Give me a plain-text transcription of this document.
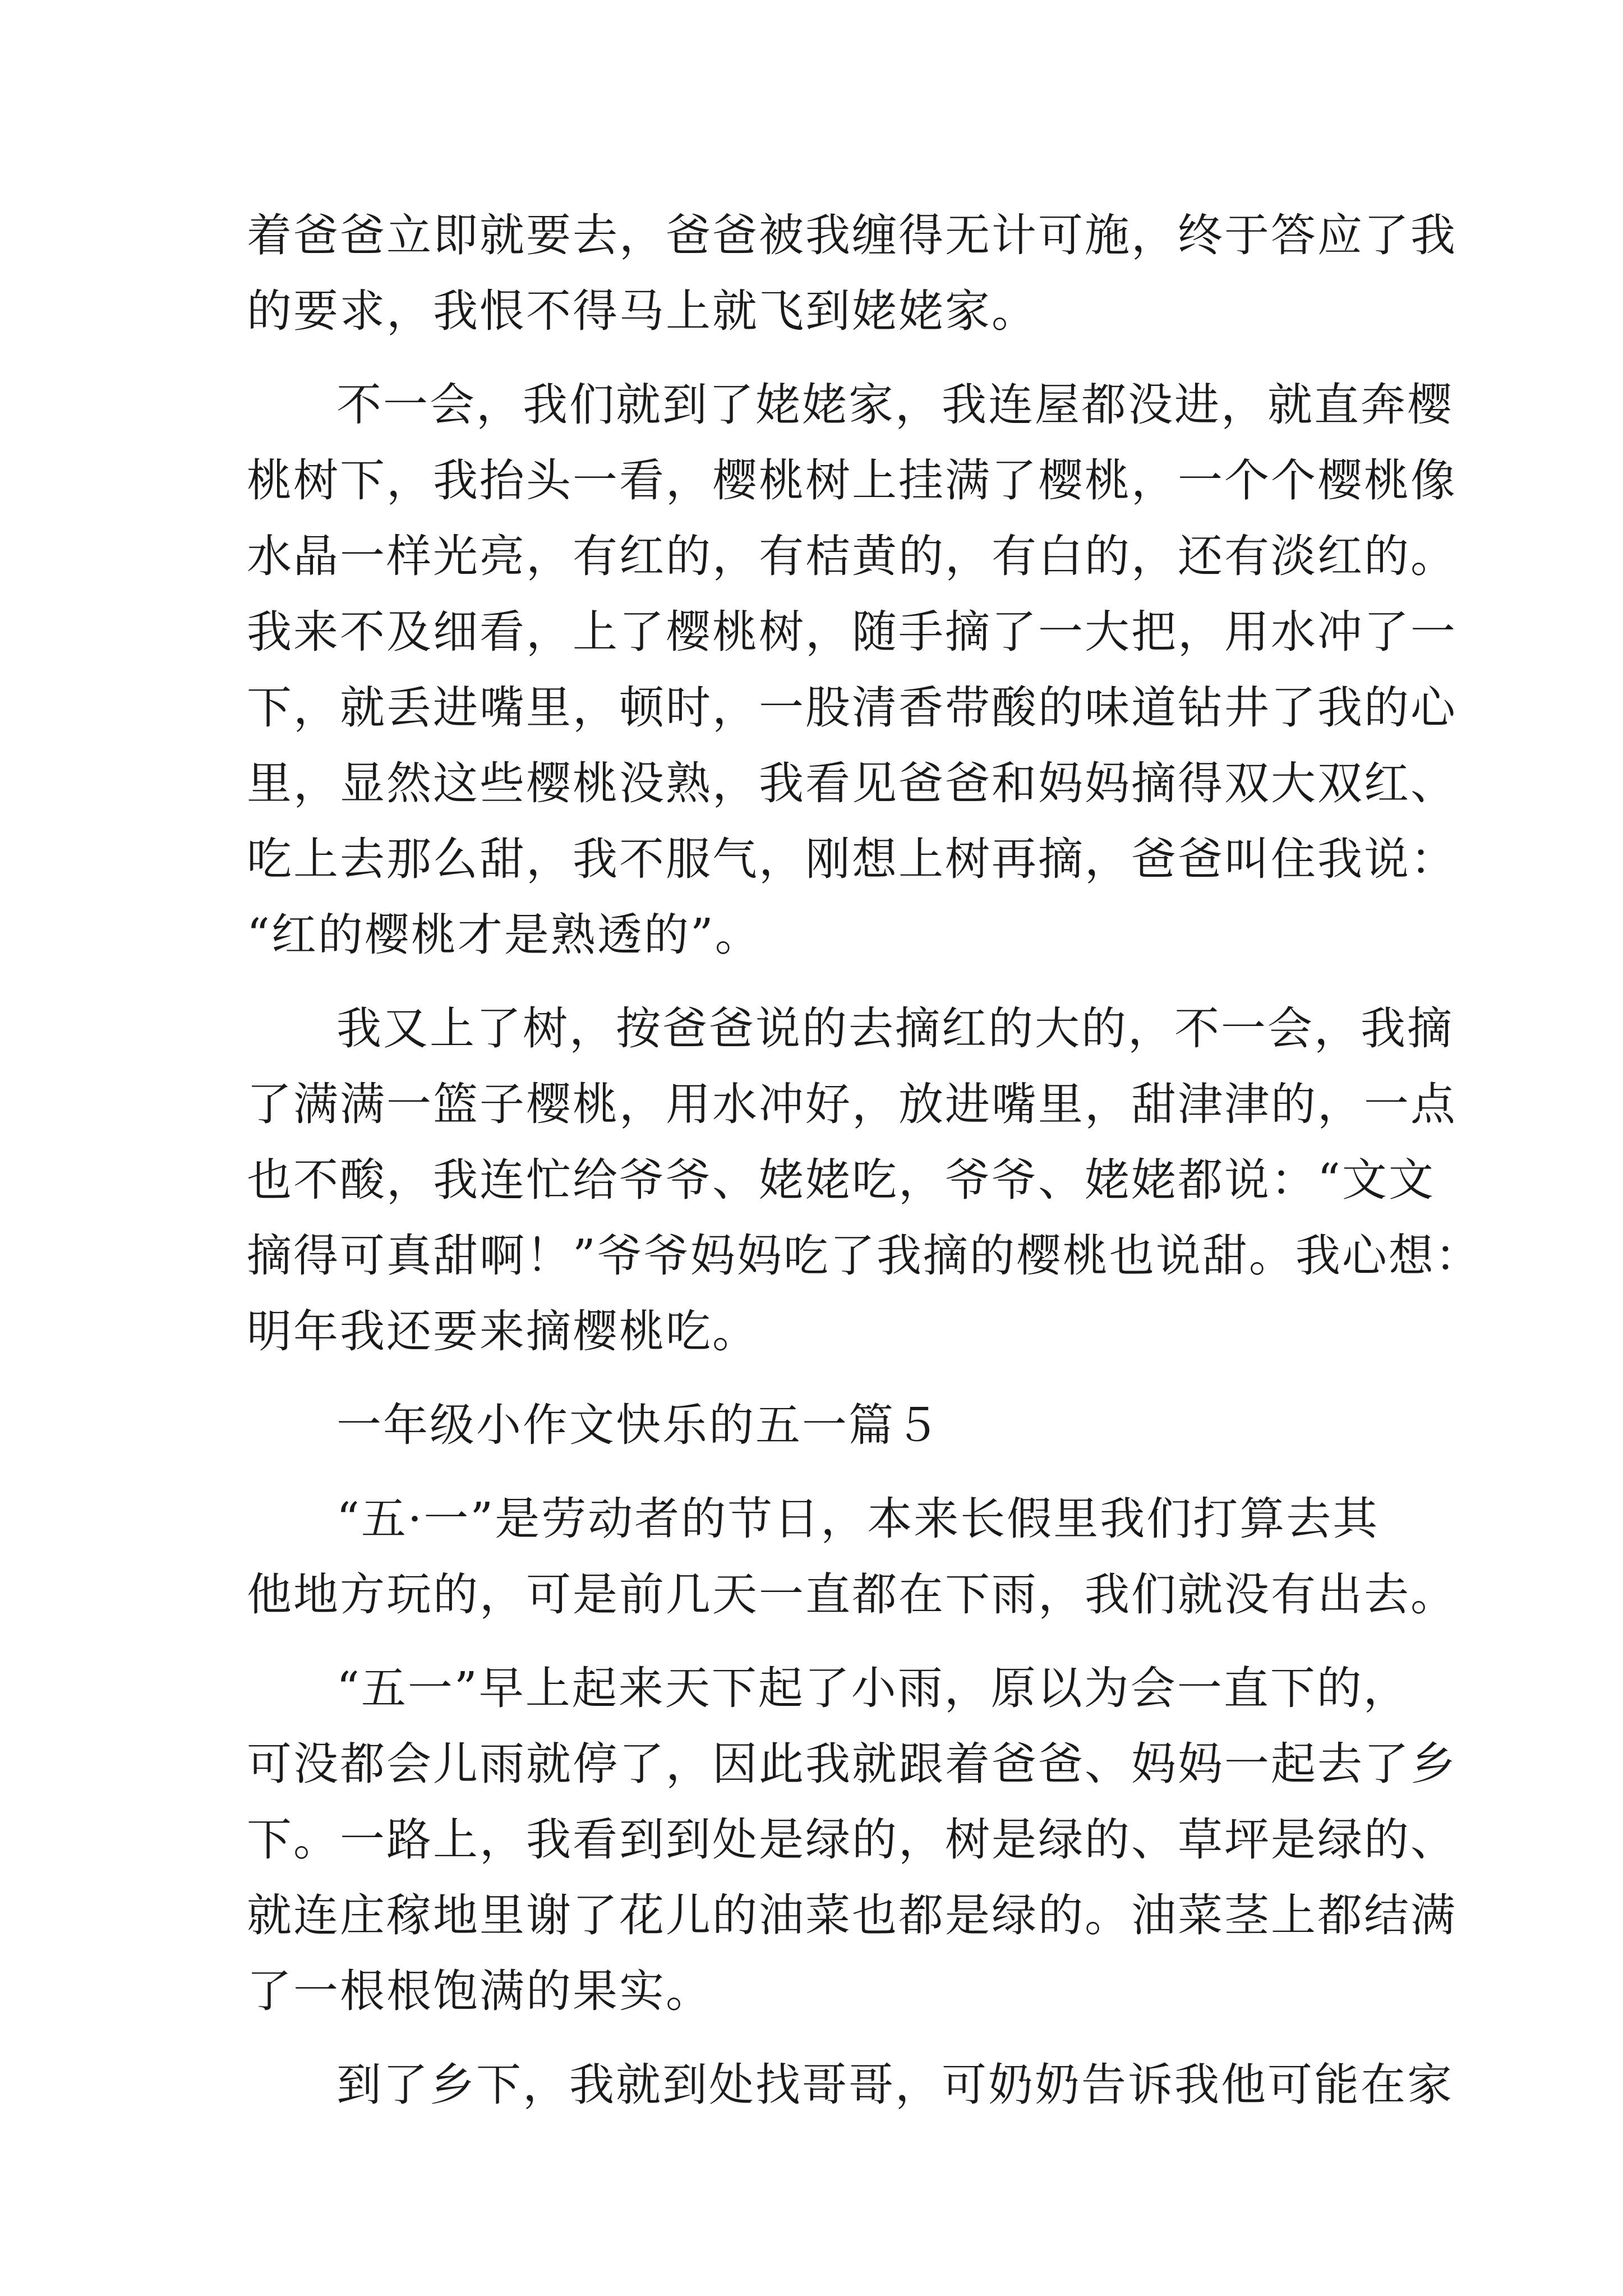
着爸爸立即就要去，爸爸被我缠得无计可施，终于答应了我

的要求，我恨不得马上就飞到姥姥家。

不一会，我们就到了姥姥家，我连屋都没进，就直奔樱

桃树下，我抬头一看，樱桃树上挂满了樱桃，一个个樱桃像

水晶一样光亮，有红的，有桔黄的，有白的，还有淡红的。

我来不及细看，上了樱桃树，随手摘了一大把，用水冲了一

下，就丢进嘴里，顿时，一股清香带酸的味道钻井了我的心

里，显然这些樱桃没熟，我看见爸爸和妈妈摘得双大双红、

吃上去那么甜，我不服气，刚想上树再摘，爸爸叫住我说：

“红的樱桃才是熟透的”。

我又上了树，按爸爸说的去摘红的大的，不一会，我摘

了满满一篮子樱桃，用水冲好，放进嘴里，甜津津的，一点

也不酸，我连忙给爷爷、姥姥吃，爷爷、姥姥都说：“文文

摘得可真甜啊！”爷爷妈妈吃了我摘的樱桃也说甜。我心想：

明年我还要来摘樱桃吃。

一年级小作文快乐的五一篇５

“五·一”是劳动者的节日，本来长假里我们打算去其

他地方玩的，可是前几天一直都在下雨，我们就没有出去。

“五一”早上起来天下起了小雨，原以为会一直下的，

可没都会儿雨就停了，因此我就跟着爸爸、妈妈一起去了乡

下。一路上，我看到到处是绿的，树是绿的、草坪是绿的、

就连庄稼地里谢了花儿的油菜也都是绿的。油菜茎上都结满

了一根根饱满的果实。

到了乡下，我就到处找哥哥，可奶奶告诉我他可能在家
